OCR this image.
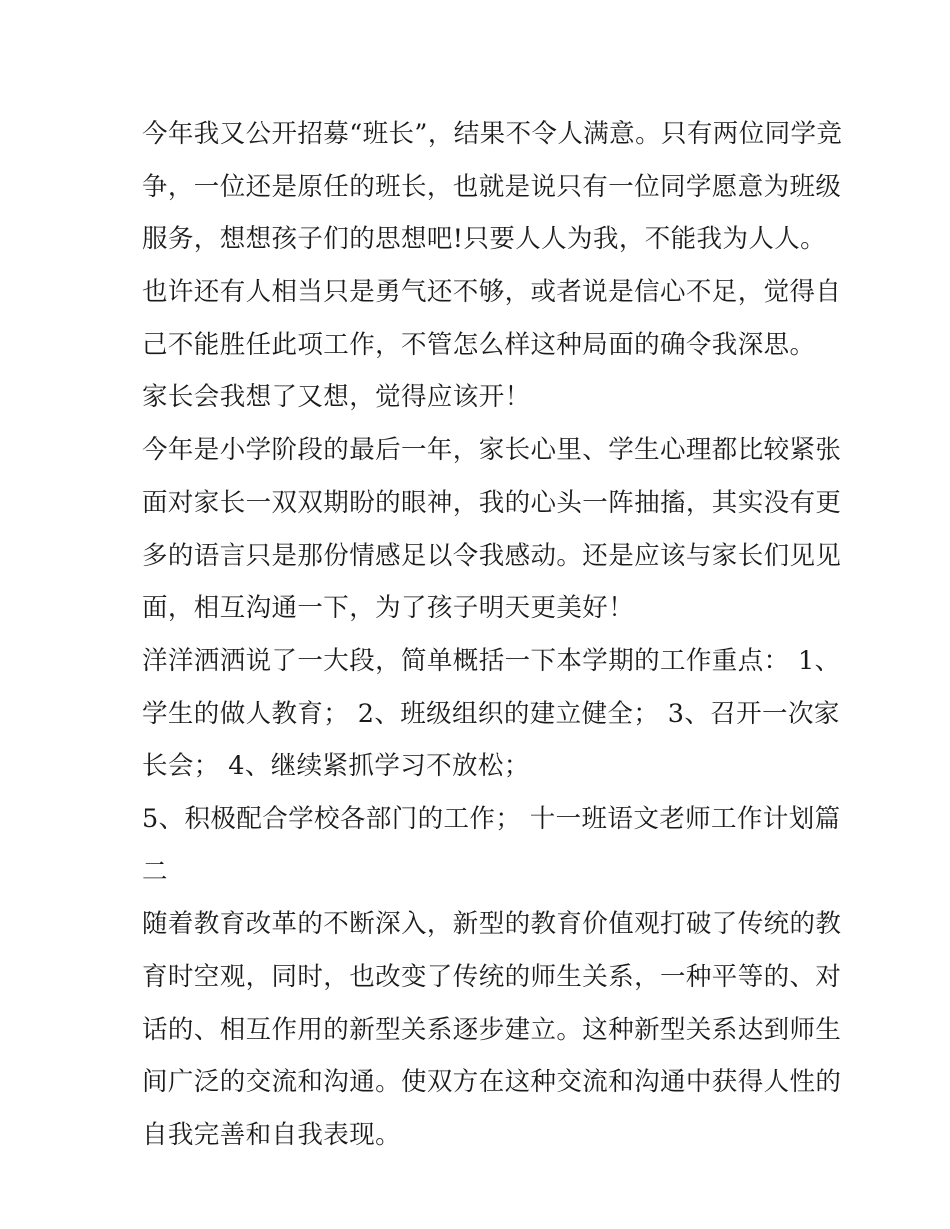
今年我又公开招募“班长”，结果不令人满意。只有两位同学竞
争，一位还是原任的班长，也就是说只有一位同学愿意为班级
服务，想想孩子们的思想吧!只要人人为我，不能我为人人。

也许还有人相当只是勇气还不够，或者说是信心不足，觉得自
己不能胜任此项工作，不管怎么样这种局面的确令我深思。

家长会我想了又想，觉得应该开！

今年是小学阶段的最后一年，家长心里、学生心理都比较紧张
面对家长一双双期盼的眼神，我的心头一阵抽搐，其实没有更
多的语言只是那份情感足以令我感动。还是应该与家长们见见
面，相互沟通一下，为了孩子明天更美好！

洋洋洒洒说了一大段，简单概括一下本学期的工作重点： 1、
学生的做人教育； 2、班级组织的建立健全； 3、召开一次家
长会； 4、继续紧抓学习不放松；

5、积极配合学校各部门的工作； 十一班语文老师工作计划篇
二

随着教育改革的不断深入，新型的教育价值观打破了传统的教
育时空观，同时，也改变了传统的师生关系，一种平等的、对
话的、相互作用的新型关系逐步建立。这种新型关系达到师生
间广泛的交流和沟通。使双方在这种交流和沟通中获得人性的
自我完善和自我表现。
